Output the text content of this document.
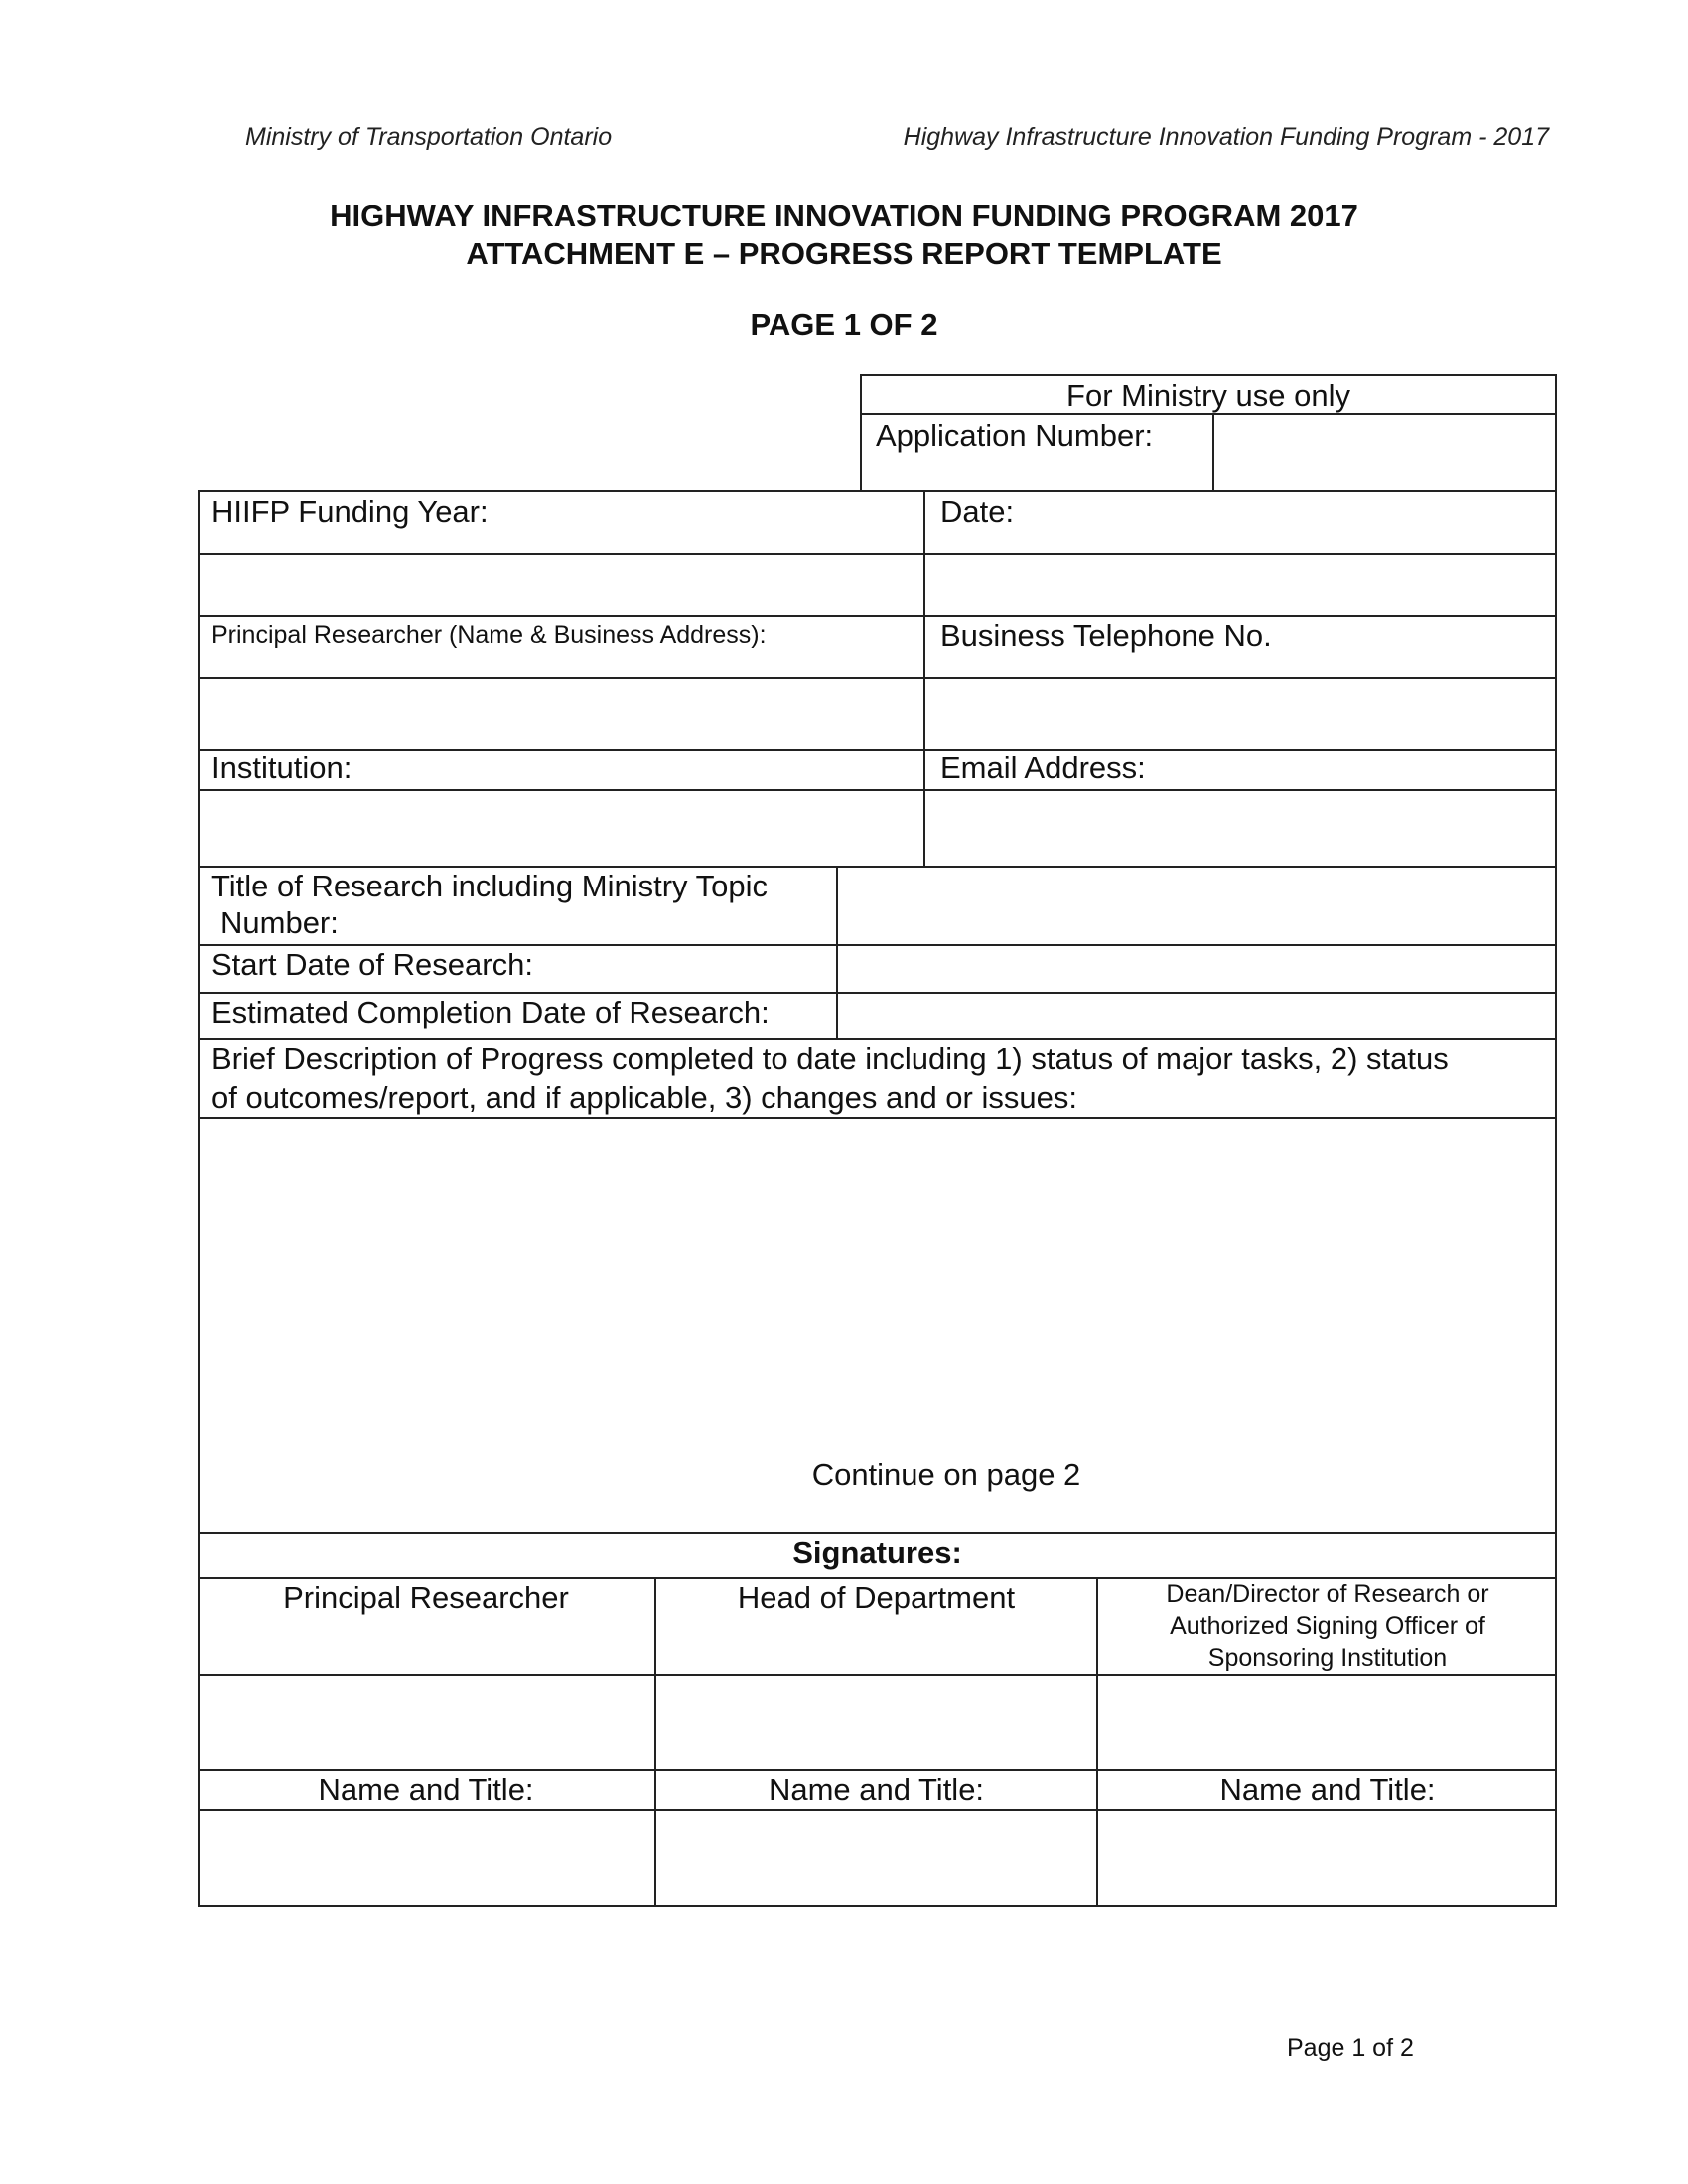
Ministry of Transportation Ontario	Highway Infrastructure Innovation Funding Program - 2017
HIGHWAY INFRASTRUCTURE INNOVATION FUNDING PROGRAM 2017
ATTACHMENT E – PROGRESS REPORT TEMPLATE
PAGE 1 OF 2
For Ministry use only
Application Number:
HIIFP Funding Year:	Date:
Principal Researcher (Name & Business Address):	Business Telephone No.
Institution:	Email Address:
Title of Research including Ministry Topic
Number:
Start Date of Research:
Estimated Completion Date of Research:
Brief Description of Progress completed to date including 1) status of major tasks, 2) status
of outcomes/report, and if applicable, 3) changes and or issues:
Continue on page 2
Signatures:
Principal Researcher	Head of Department	Dean/Director of Research or
Authorized Signing Officer of
Sponsoring Institution
Name and Title:	Name and Title:	Name and Title:
Page 1 of 2
